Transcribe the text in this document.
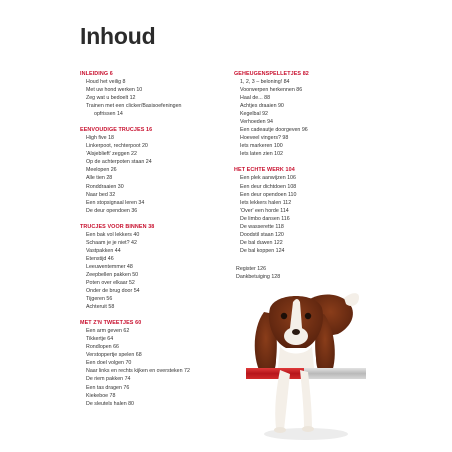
Inhoud
INLEIDING 6
Houd het veilig 8
Met uw hond werken 10
Zeg wat u bedoelt 12
Trainen met een clicker/Basisoefeningen
opfrissen 14
EENVOUDIGE TRUCJES 16
High five 18
Linkerpoot, rechterpoot 20
'Alsjeblieft' zeggen 22
Op de achterpoten staan 24
Meelopen 26
Alle tien 28
Ronddraaien 30
Naar bed 32
Een stopsignaal leren 34
De deur opendoen 36
TRUCJES VOOR BINNEN 38
Een bak vol lekkers 40
Schaam je je niet? 42
Vastpakken 44
Etenstijd 46
Leeuwentemmer 48
Zeepbellen pakken 50
Poten over elkaar 52
Onder de brug door 54
Tijgeren 56
Achteruit 58
MET Z'N TWEETJES 60
Een arm geven 62
Tikkertje 64
Rondlopen 66
Verstoppertje spelen 68
Een doel volgen 70
Naar links en rechts kijken en oversteken 72
De riem pakken 74
Een tas dragen 76
Kiekeboe 78
De sleutels halen 80
GEHEUGENSPELLETJES 82
1, 2, 3 – beloning! 84
Voorwerpen herkennen 86
Haal de... 88
Achtjes draaien 90
Kegelbal 92
Verhoeden 94
Een cadeautje doorgeven 96
Hoeveel vingers? 98
Iets markeren 100
Iets laten zien 102
HET ECHTE WERK 104
Een plek aanwijzen 106
Een deur dichtdoen 108
Een deur opendoen 110
Iets lekkers halen 112
'Over' een horde 114
De limbo dansen 116
De wasserette 118
Doodstil staan 120
De bal duwen 122
De bal koppen 124
Register 126
Dankbetuiging 128
